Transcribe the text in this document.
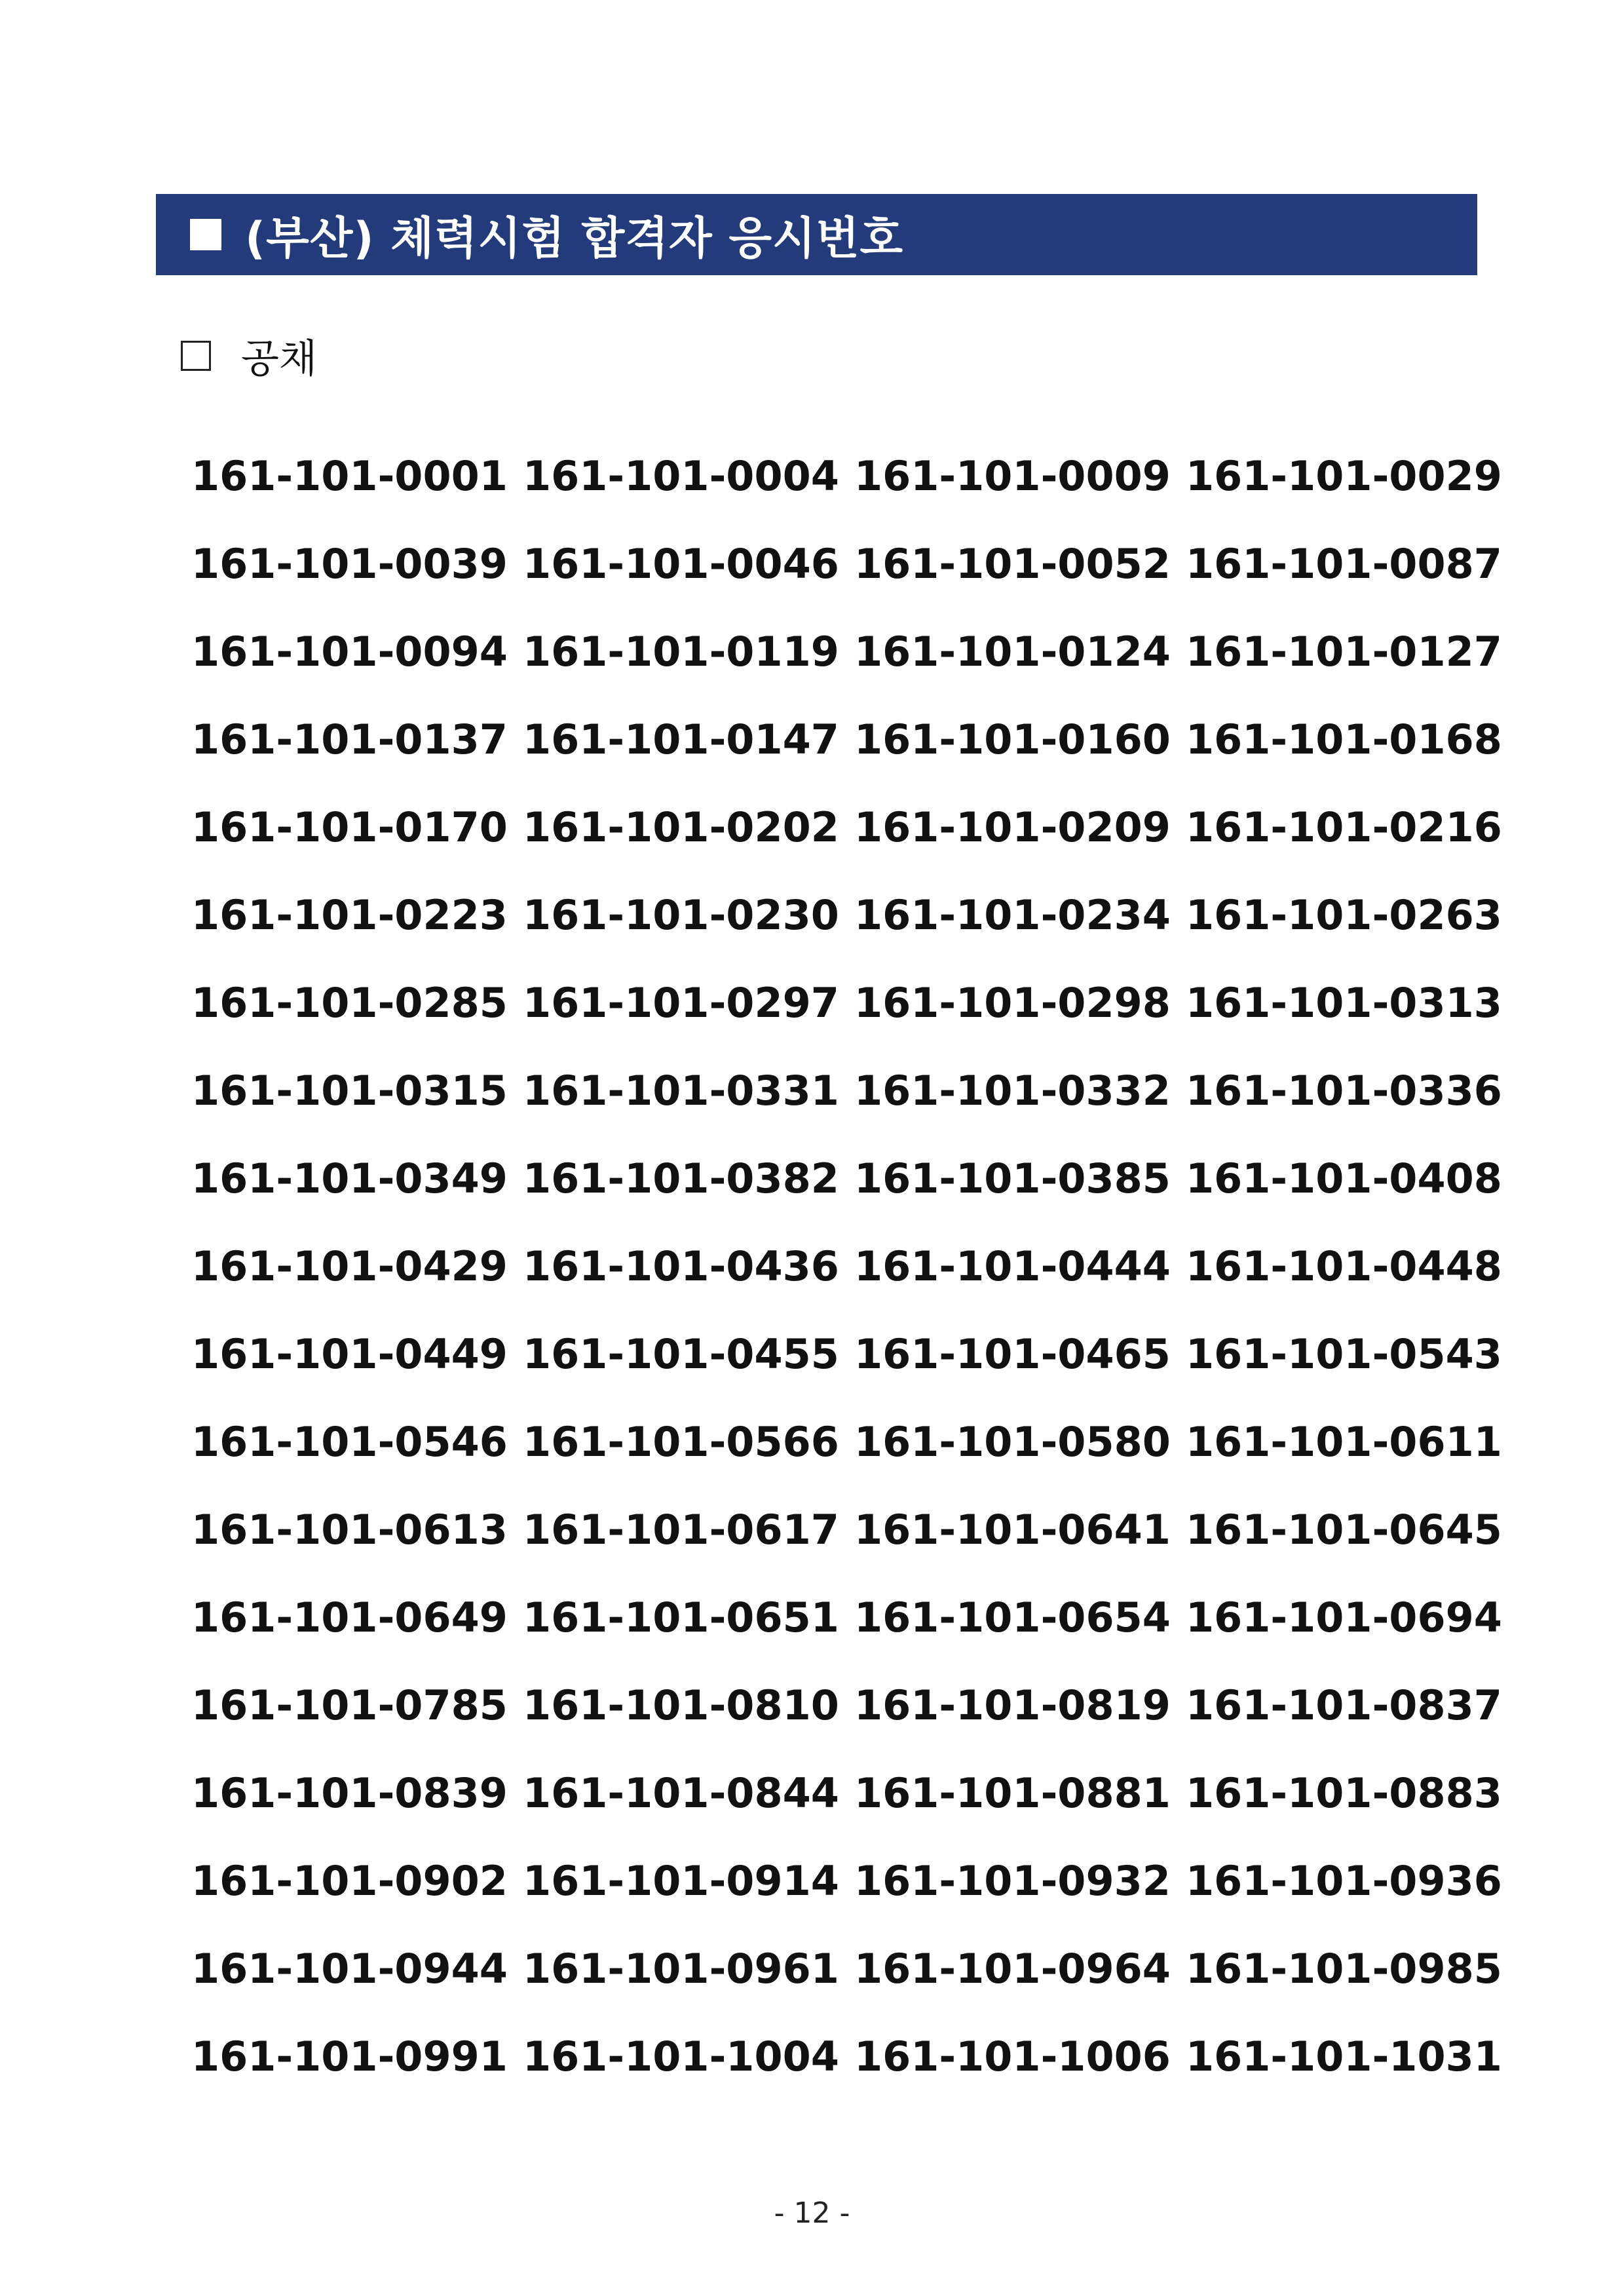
(부산) 체력시험 합격자 응시번호
공채
161-101-0001 161-101-0004 161-101-0009 161-101-0029
161-101-0039 161-101-0046 161-101-0052 161-101-0087
161-101-0094 161-101-0119 161-101-0124 161-101-0127
161-101-0137 161-101-0147 161-101-0160 161-101-0168
161-101-0170 161-101-0202 161-101-0209 161-101-0216
161-101-0223 161-101-0230 161-101-0234 161-101-0263
161-101-0285 161-101-0297 161-101-0298 161-101-0313
161-101-0315 161-101-0331 161-101-0332 161-101-0336
161-101-0349 161-101-0382 161-101-0385 161-101-0408
161-101-0429 161-101-0436 161-101-0444 161-101-0448
161-101-0449 161-101-0455 161-101-0465 161-101-0543
161-101-0546 161-101-0566 161-101-0580 161-101-0611
161-101-0613 161-101-0617 161-101-0641 161-101-0645
161-101-0649 161-101-0651 161-101-0654 161-101-0694
161-101-0785 161-101-0810 161-101-0819 161-101-0837
161-101-0839 161-101-0844 161-101-0881 161-101-0883
161-101-0902 161-101-0914 161-101-0932 161-101-0936
161-101-0944 161-101-0961 161-101-0964 161-101-0985
161-101-0991 161-101-1004 161-101-1006 161-101-1031
- 12 -
